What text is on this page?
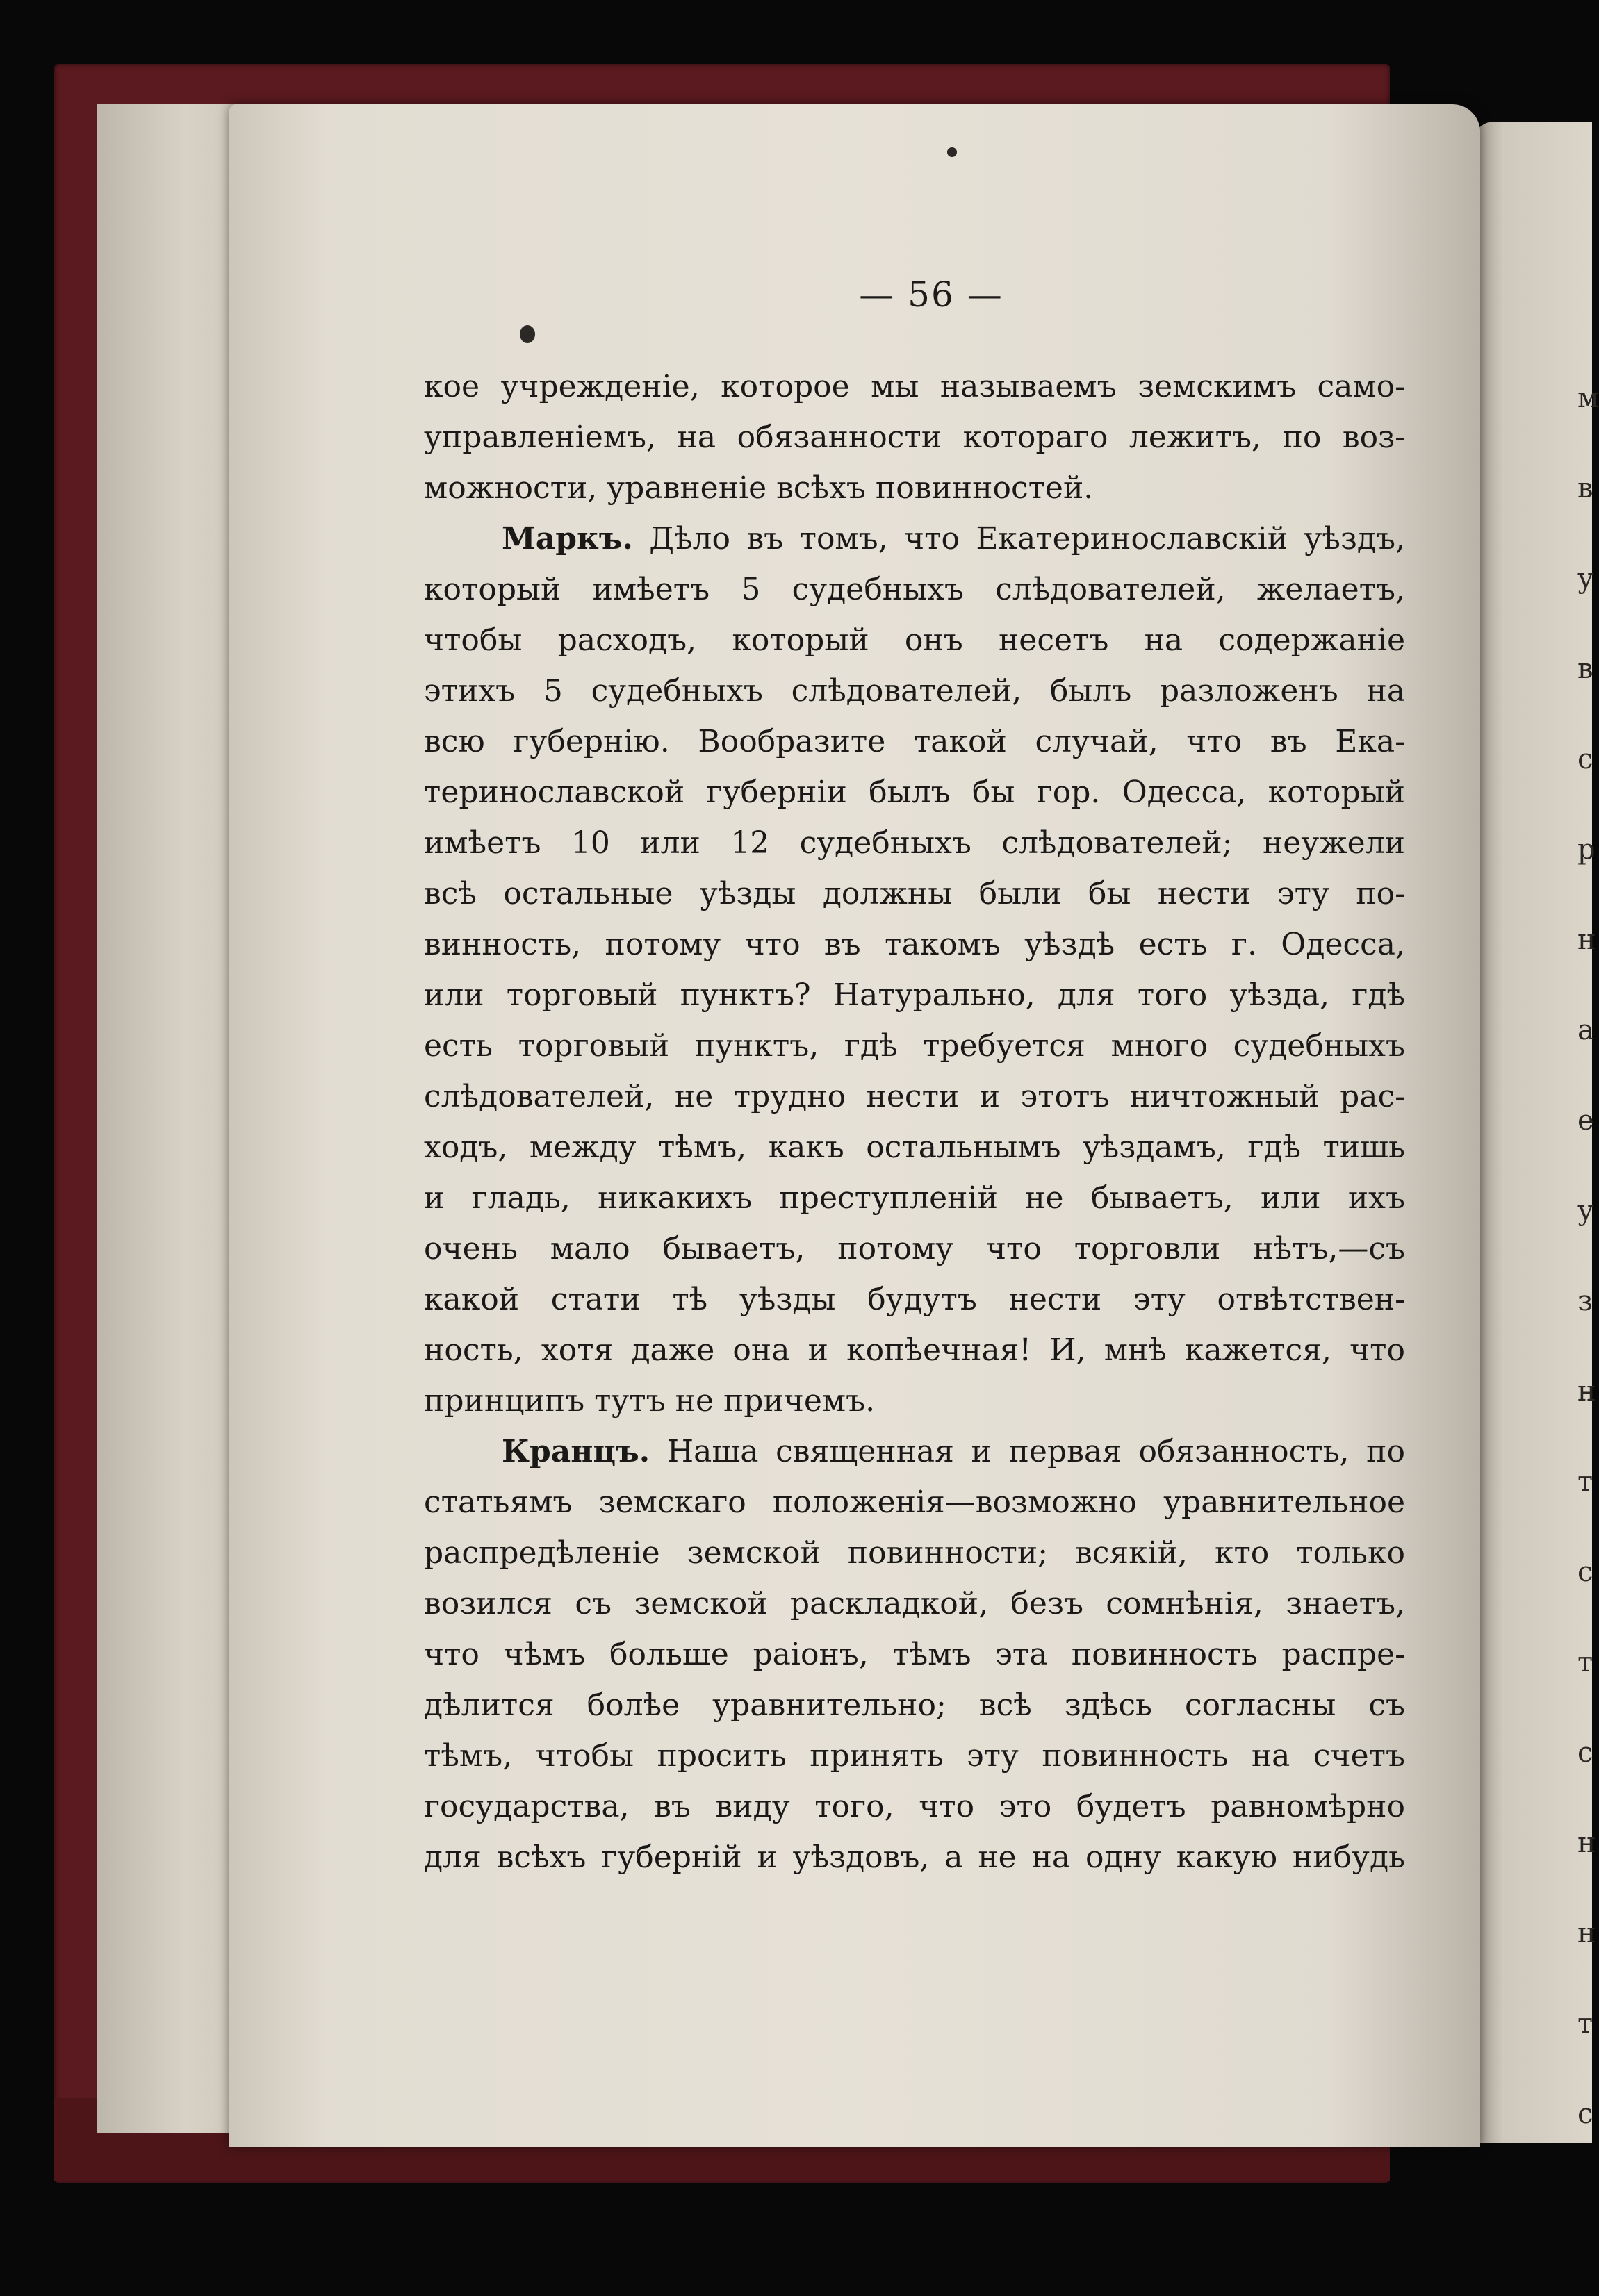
м
в
у
в
с
р
н
а
е
у
з
н
т
с
т
с
н
н
т
с
— 56 —
кое учрежденіе, которое мы называемъ земскимъ само-
управленіемъ, на обязанности котораго лежитъ, по воз-
можности, уравненіе всѣхъ повинностей.
Маркъ. Дѣло въ томъ, что Екатеринославскій уѣздъ,
который имѣетъ 5 судебныхъ слѣдователей, желаетъ,
чтобы расходъ, который онъ несетъ на содержаніе
этихъ 5 судебныхъ слѣдователей, былъ разложенъ на
всю губернію. Вообразите такой случай, что въ Ека-
теринославской губерніи былъ бы гор. Одесса, который
имѣетъ 10 или 12 судебныхъ слѣдователей; неужели
всѣ остальные уѣзды должны были бы нести эту по-
винность, потому что въ такомъ уѣздѣ есть г. Одесса,
или торговый пунктъ? Натурально, для того уѣзда, гдѣ
есть торговый пунктъ, гдѣ требуется много судебныхъ
слѣдователей, не трудно нести и этотъ ничтожный рас-
ходъ, между тѣмъ, какъ остальнымъ уѣздамъ, гдѣ тишь
и гладь, никакихъ преступленій не бываетъ, или ихъ
очень мало бываетъ, потому что торговли нѣтъ,—съ
какой стати тѣ уѣзды будутъ нести эту отвѣтствен-
ность, хотя даже она и копѣечная! И, мнѣ кажется, что
принципъ тутъ не причемъ.
Кранцъ. Наша священная и первая обязанность, по
статьямъ земскаго положенія—возможно уравнительное
распредѣленіе земской повинности; всякій, кто только
возился съ земской раскладкой, безъ сомнѣнія, знаетъ,
что чѣмъ больше раіонъ, тѣмъ эта повинность распре-
дѣлится болѣе уравнительно; всѣ здѣсь согласны съ
тѣмъ, чтобы просить принять эту повинность на счетъ
государства, въ виду того, что это будетъ равномѣрно
для всѣхъ губерній и уѣздовъ, а не на одну какую нибудь
